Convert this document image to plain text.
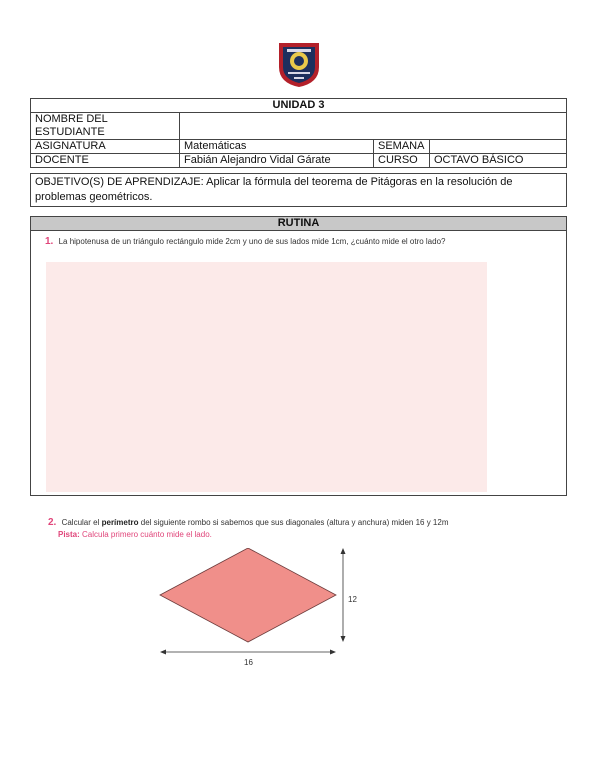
UNIDAD 3			
NOMBRE DEL ESTUDIANTE			
ASIGNATURA	Matemáticas	SEMANA	
DOCENTE	Fabián Alejandro Vidal Gárate	CURSO	OCTAVO BÁSICO
OBJETIVO(S) DE APRENDIZAJE: Aplicar la fórmula del teorema de Pitágoras en la resolución de problemas geométricos.
RUTINA
1. La hipotenusa de un triángulo rectángulo mide 2cm y uno de sus lados mide 1cm, ¿cuánto mide el otro lado?
2. Calcular el perímetro del siguiente rombo si sabemos que sus diagonales (altura y anchura) miden 16 y 12m
Pista: Calcula primero cuánto mide el lado.
12
16
